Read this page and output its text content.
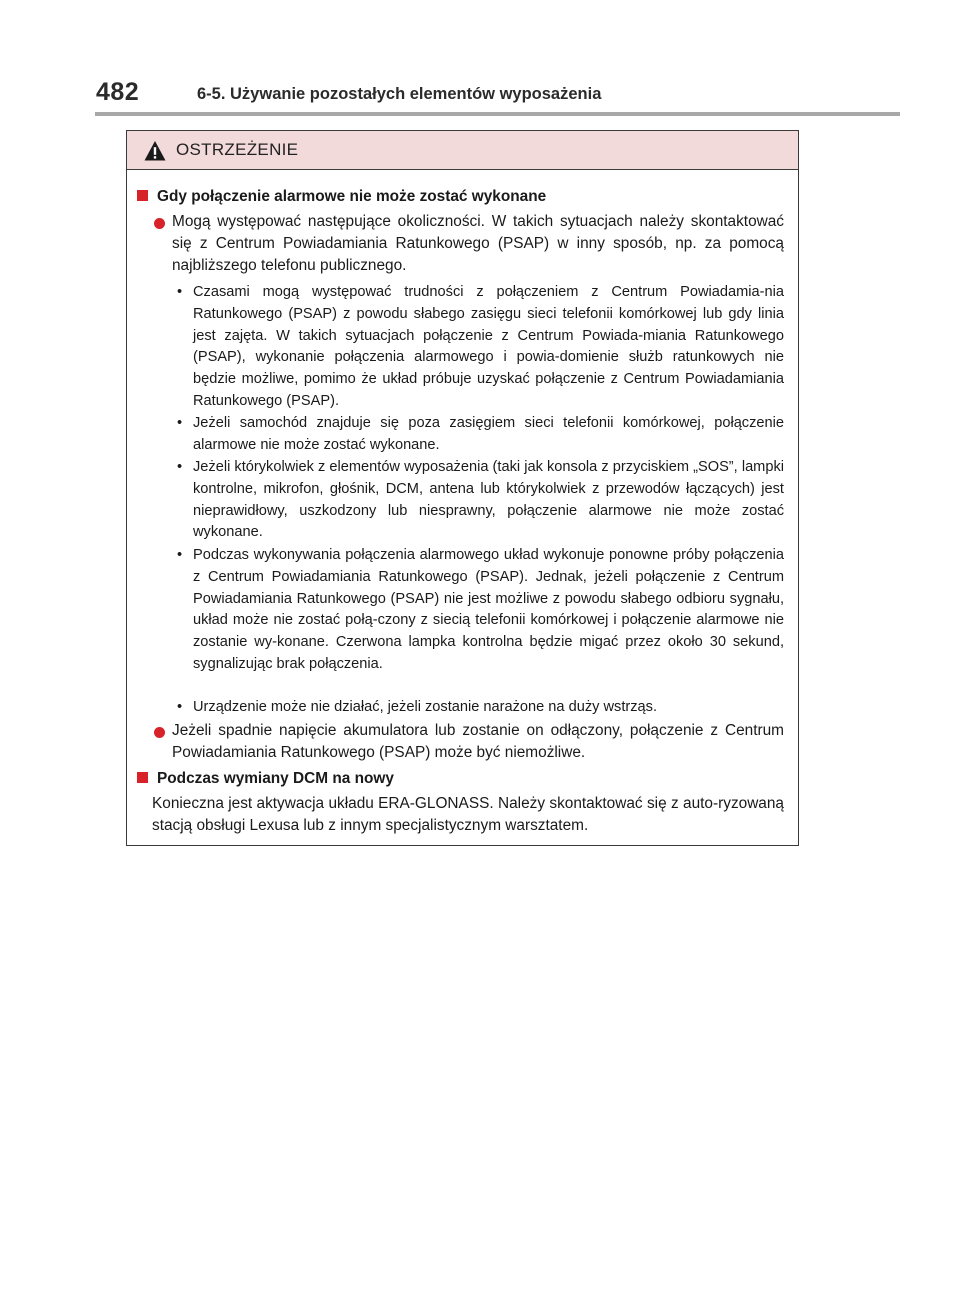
482	6-5. Używanie pozostałych elementów wyposażenia
OSTRZEŻENIE
Gdy połączenie alarmowe nie może zostać wykonane
Mogą występować następujące okoliczności. W takich sytuacjach należy skontaktować się z Centrum Powiadamiania Ratunkowego (PSAP) w inny sposób, np. za pomocą najbliższego telefonu publicznego.
• Czasami mogą występować trudności z połączeniem z Centrum Powiadamia-nia Ratunkowego (PSAP) z powodu słabego zasięgu sieci telefonii komórkowej lub gdy linia jest zajęta. W takich sytuacjach połączenie z Centrum Powiada-miania Ratunkowego (PSAP), wykonanie połączenia alarmowego i powia-domienie służb ratunkowych nie będzie możliwe, pomimo że układ próbuje uzyskać połączenie z Centrum Powiadamiania Ratunkowego (PSAP).
• Jeżeli samochód znajduje się poza zasięgiem sieci telefonii komórkowej, połączenie alarmowe nie może zostać wykonane.
• Jeżeli którykolwiek z elementów wyposażenia (taki jak konsola z przyciskiem „SOS”, lampki kontrolne, mikrofon, głośnik, DCM, antena lub którykolwiek z przewodów łączących) jest nieprawidłowy, uszkodzony lub niesprawny, połączenie alarmowe nie może zostać wykonane.
• Podczas wykonywania połączenia alarmowego układ wykonuje ponowne próby połączenia z Centrum Powiadamiania Ratunkowego (PSAP). Jednak, jeżeli połączenie z Centrum Powiadamiania Ratunkowego (PSAP) nie jest możliwe z powodu słabego odbioru sygnału, układ może nie zostać połą-czony z siecią telefonii komórkowej i połączenie alarmowe nie zostanie wy-konane. Czerwona lampka kontrolna będzie migać przez około 30 sekund, sygnalizując brak połączenia.
• Urządzenie może nie działać, jeżeli zostanie narażone na duży wstrząs.
Jeżeli spadnie napięcie akumulatora lub zostanie on odłączony, połączenie z Centrum Powiadamiania Ratunkowego (PSAP) może być niemożliwe.
Podczas wymiany DCM na nowy
Konieczna jest aktywacja układu ERA-GLONASS. Należy skontaktować się z auto-ryzowaną stacją obsługi Lexusa lub z innym specjalistycznym warsztatem.
